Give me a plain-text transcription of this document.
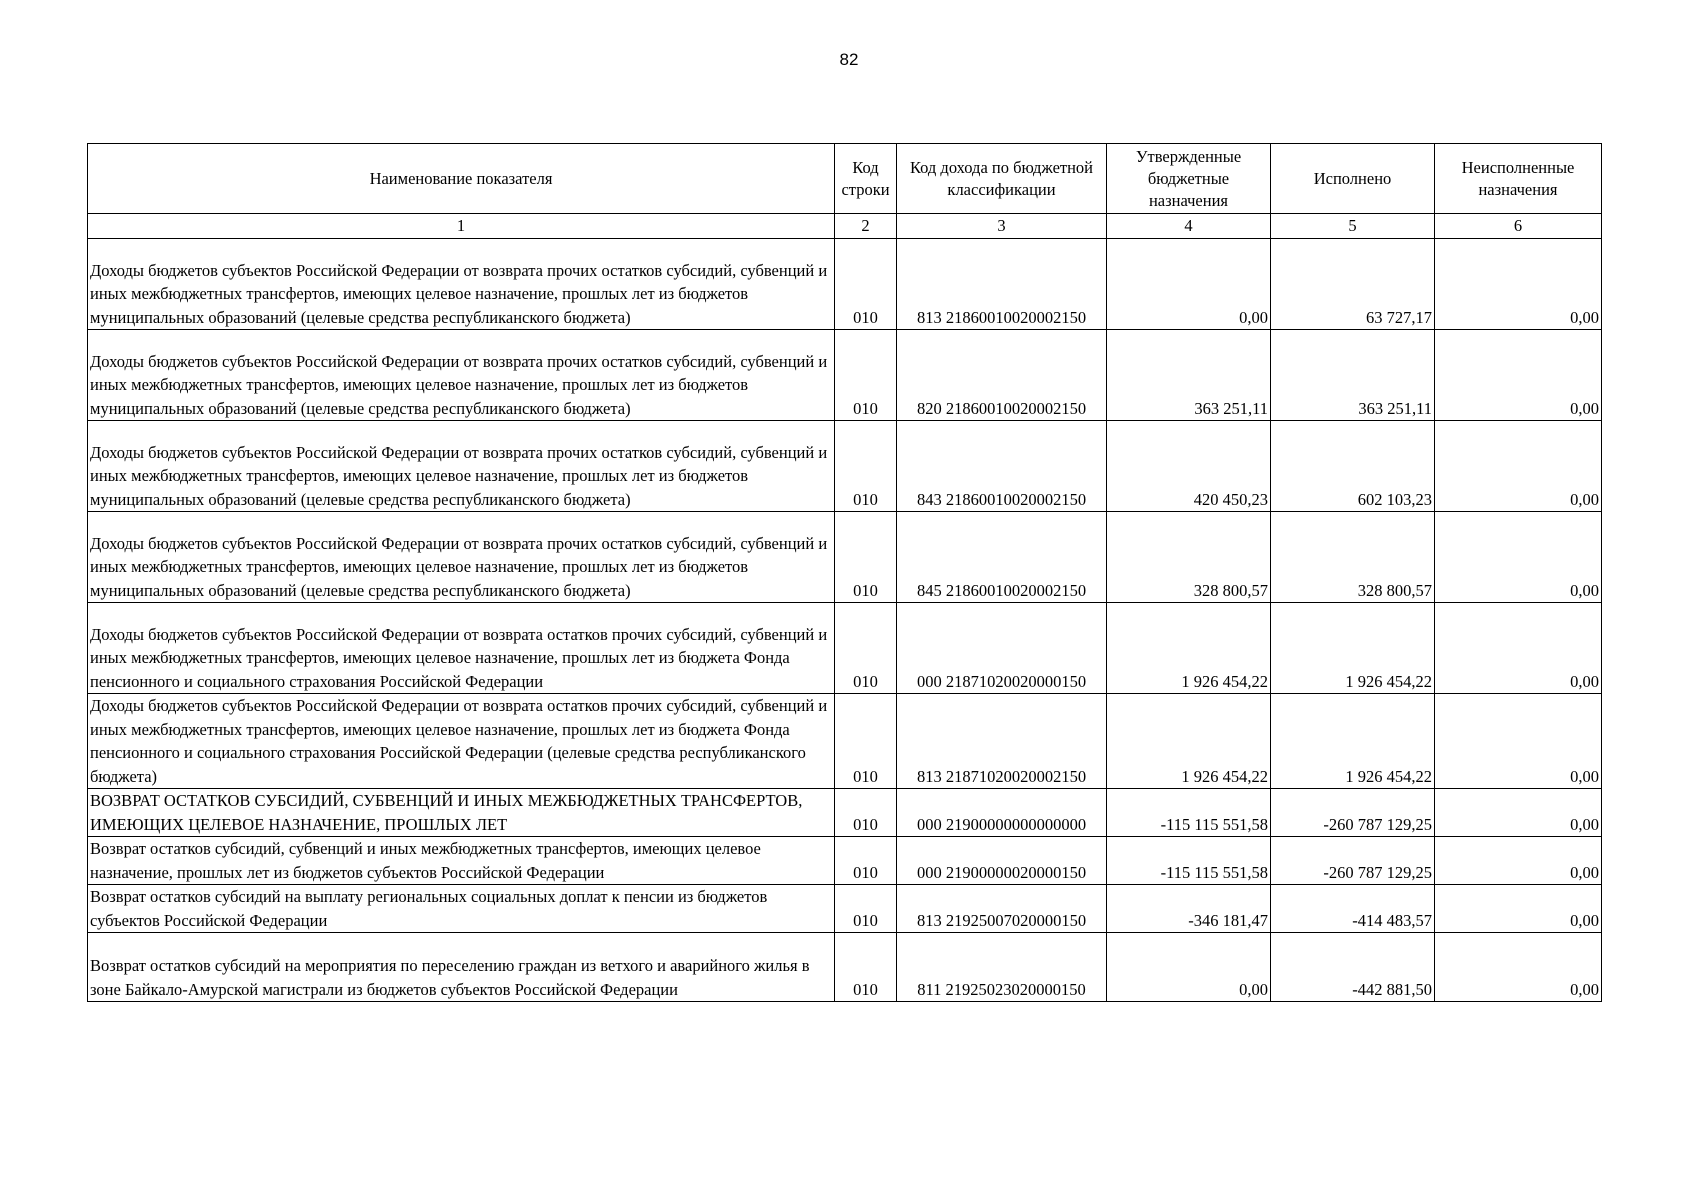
82
Наименование показателя	Код строки	Код дохода по бюджетной классификации	Утвержденные бюджетные назначения	Исполнено	Неисполненные назначения
1	2	3	4	5	6
Доходы бюджетов субъектов Российской Федерации от возврата прочих остатков субсидий, субвенций и иных межбюджетных трансфертов, имеющих целевое назначение, прошлых лет из бюджетов муниципальных образований (целевые средства республиканского бюджета)	010	813 21860010020002150	0,00	63 727,17	0,00
Доходы бюджетов субъектов Российской Федерации от возврата прочих остатков субсидий, субвенций и иных межбюджетных трансфертов, имеющих целевое назначение, прошлых лет из бюджетов муниципальных образований (целевые средства республиканского бюджета)	010	820 21860010020002150	363 251,11	363 251,11	0,00
Доходы бюджетов субъектов Российской Федерации от возврата прочих остатков субсидий, субвенций и иных межбюджетных трансфертов, имеющих целевое назначение, прошлых лет из бюджетов муниципальных образований (целевые средства республиканского бюджета)	010	843 21860010020002150	420 450,23	602 103,23	0,00
Доходы бюджетов субъектов Российской Федерации от возврата прочих остатков субсидий, субвенций и иных межбюджетных трансфертов, имеющих целевое назначение, прошлых лет из бюджетов муниципальных образований (целевые средства республиканского бюджета)	010	845 21860010020002150	328 800,57	328 800,57	0,00
Доходы бюджетов субъектов Российской Федерации от возврата остатков прочих субсидий, субвенций и иных межбюджетных трансфертов, имеющих целевое назначение, прошлых лет из бюджета Фонда пенсионного и социального страхования Российской Федерации	010	000 21871020020000150	1 926 454,22	1 926 454,22	0,00
Доходы бюджетов субъектов Российской Федерации от возврата остатков прочих субсидий, субвенций и иных межбюджетных трансфертов, имеющих целевое назначение, прошлых лет из бюджета Фонда пенсионного и социального страхования Российской Федерации (целевые средства республиканского бюджета)	010	813 21871020020002150	1 926 454,22	1 926 454,22	0,00
ВОЗВРАТ ОСТАТКОВ СУБСИДИЙ, СУБВЕНЦИЙ И ИНЫХ МЕЖБЮДЖЕТНЫХ ТРАНСФЕРТОВ, ИМЕЮЩИХ ЦЕЛЕВОЕ НАЗНАЧЕНИЕ, ПРОШЛЫХ ЛЕТ	010	000 21900000000000000	-115 115 551,58	-260 787 129,25	0,00
Возврат остатков субсидий, субвенций и иных межбюджетных трансфертов, имеющих целевое назначение, прошлых лет из бюджетов субъектов Российской Федерации	010	000 21900000020000150	-115 115 551,58	-260 787 129,25	0,00
Возврат остатков субсидий на выплату региональных социальных доплат к пенсии из бюджетов субъектов Российской Федерации	010	813 21925007020000150	-346 181,47	-414 483,57	0,00
Возврат остатков субсидий на мероприятия по переселению граждан из ветхого и аварийного жилья в зоне Байкало-Амурской магистрали из бюджетов субъектов Российской Федерации	010	811 21925023020000150	0,00	-442 881,50	0,00
